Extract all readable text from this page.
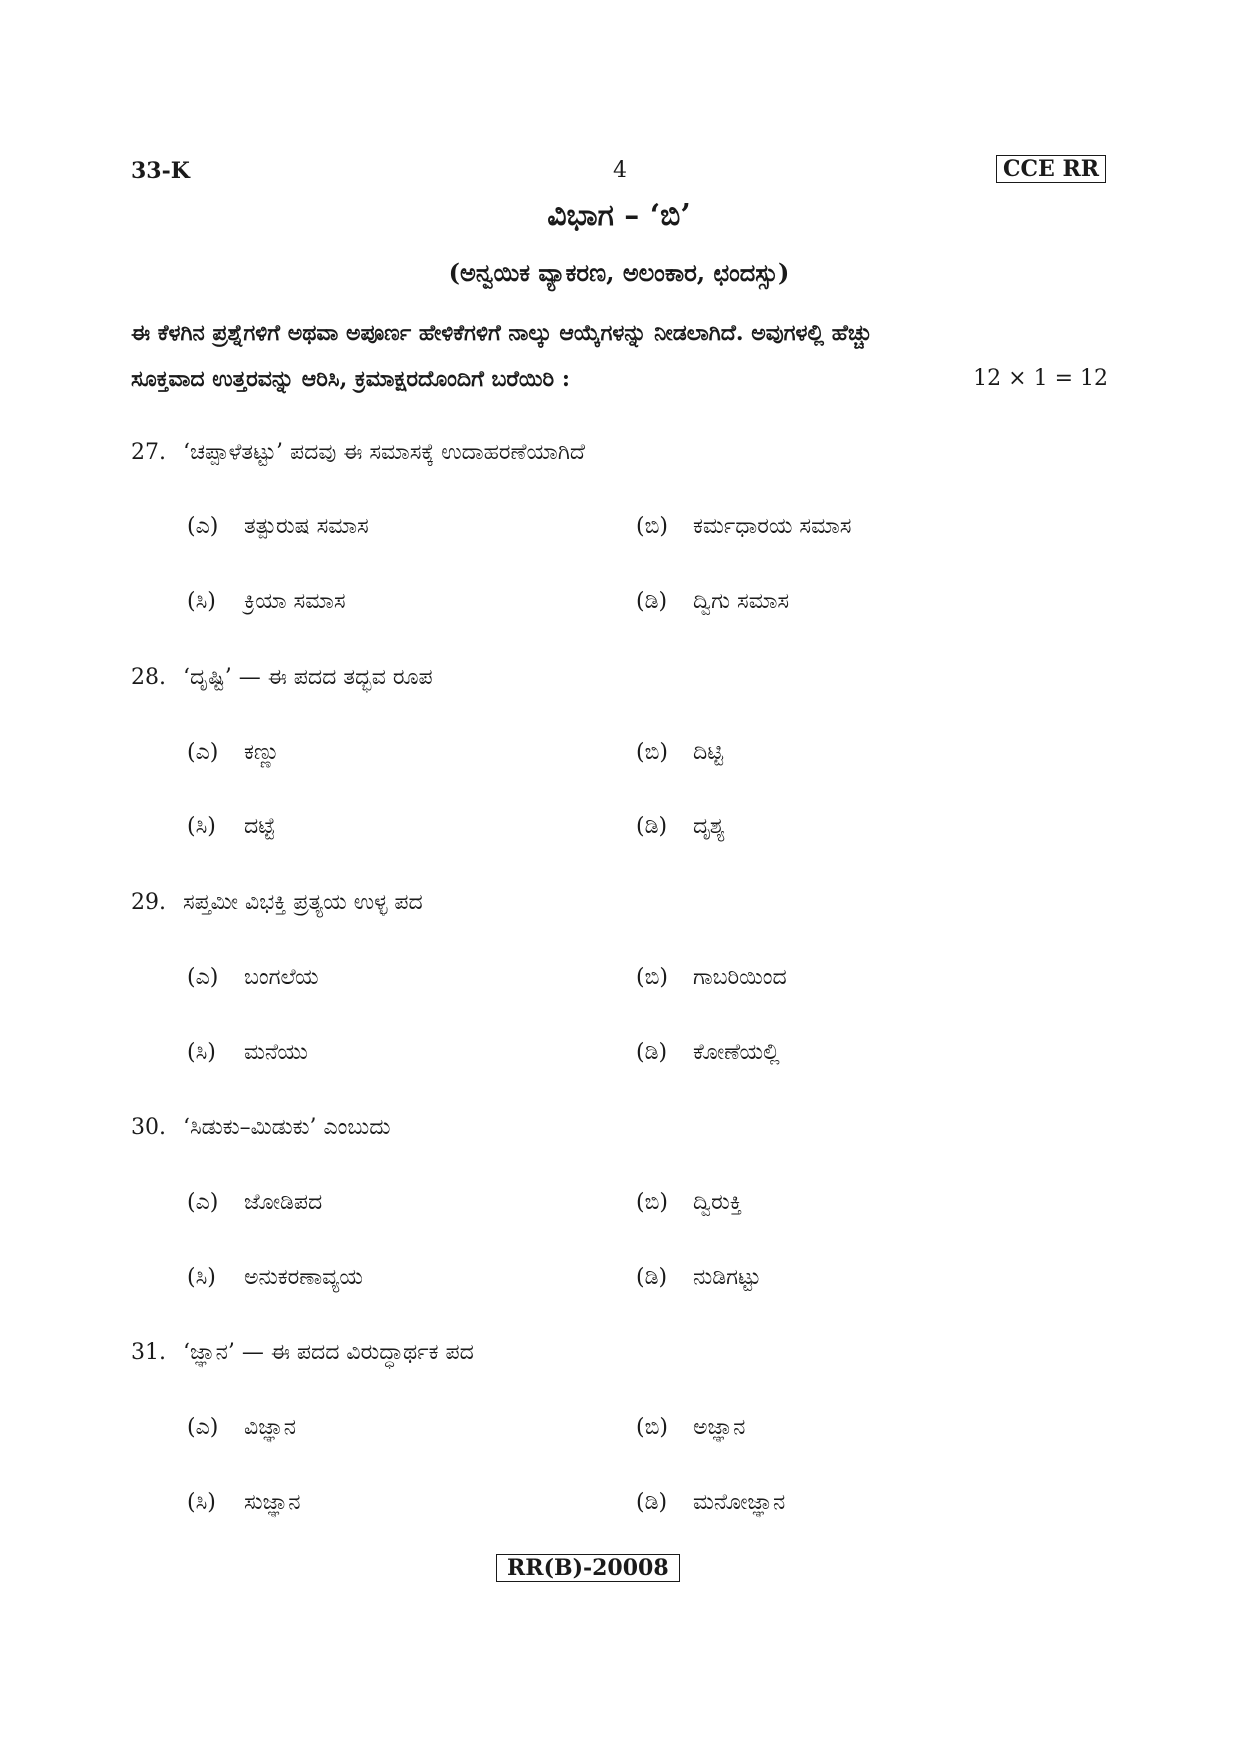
33-K	4	CCE RR
ವಿಭಾಗ – ‘ಬಿ’
(ಅನ್ವಯಿಕ ವ್ಯಾಕರಣ, ಅಲಂಕಾರ, ಛಂದಸ್ಸು)
ಈ ಕೆಳಗಿನ ಪ್ರಶ್ನೆಗಳಿಗೆ ಅಥವಾ ಅಪೂರ್ಣ ಹೇಳಿಕೆಗಳಿಗೆ ನಾಲ್ಕು ಆಯ್ಕೆಗಳನ್ನು ನೀಡಲಾಗಿದೆ. ಅವುಗಳಲ್ಲಿ ಹೆಚ್ಚು
ಸೂಕ್ತವಾದ ಉತ್ತರವನ್ನು ಆರಿಸಿ, ಕ್ರಮಾಕ್ಷರದೊಂದಿಗೆ ಬರೆಯಿರಿ :	12 × 1 = 12
27. ‘ಚಪ್ಪಾಳೆತಟ್ಟು’ ಪದವು ಈ ಸಮಾಸಕ್ಕೆ ಉದಾಹರಣೆಯಾಗಿದೆ
(ಎ) ತತ್ಪುರುಷ ಸಮಾಸ	(ಬಿ) ಕರ್ಮಧಾರಯ ಸಮಾಸ
(ಸಿ) ಕ್ರಿಯಾ ಸಮಾಸ	(ಡಿ) ದ್ವಿಗು ಸಮಾಸ
28. ‘ದೃಷ್ಟಿ’ — ಈ ಪದದ ತದ್ಭವ ರೂಪ
(ಎ) ಕಣ್ಣು	(ಬಿ) ದಿಟ್ಟಿ
(ಸಿ) ದಟ್ಟೆ	(ಡಿ) ದೃಶ್ಯ
29. ಸಪ್ತಮೀ ವಿಭಕ್ತಿ ಪ್ರತ್ಯಯ ಉಳ್ಳ ಪದ
(ಎ) ಬಂಗಲೆಯ	(ಬಿ) ಗಾಬರಿಯಿಂದ
(ಸಿ) ಮನೆಯು	(ಡಿ) ಕೋಣೆಯಲ್ಲಿ
30. ‘ಸಿಡುಕು–ಮಿಡುಕು’ ಎಂಬುದು
(ಎ) ಜೋಡಿಪದ	(ಬಿ) ದ್ವಿರುಕ್ತಿ
(ಸಿ) ಅನುಕರಣಾವ್ಯಯ	(ಡಿ) ನುಡಿಗಟ್ಟು
31. ‘ಜ್ಞಾನ’ — ಈ ಪದದ ವಿರುದ್ಧಾರ್ಥಕ ಪದ
(ಎ) ವಿಜ್ಞಾನ	(ಬಿ) ಅಜ್ಞಾನ
(ಸಿ) ಸುಜ್ಞಾನ	(ಡಿ) ಮನೋಜ್ಞಾನ
RR(B)-20008
